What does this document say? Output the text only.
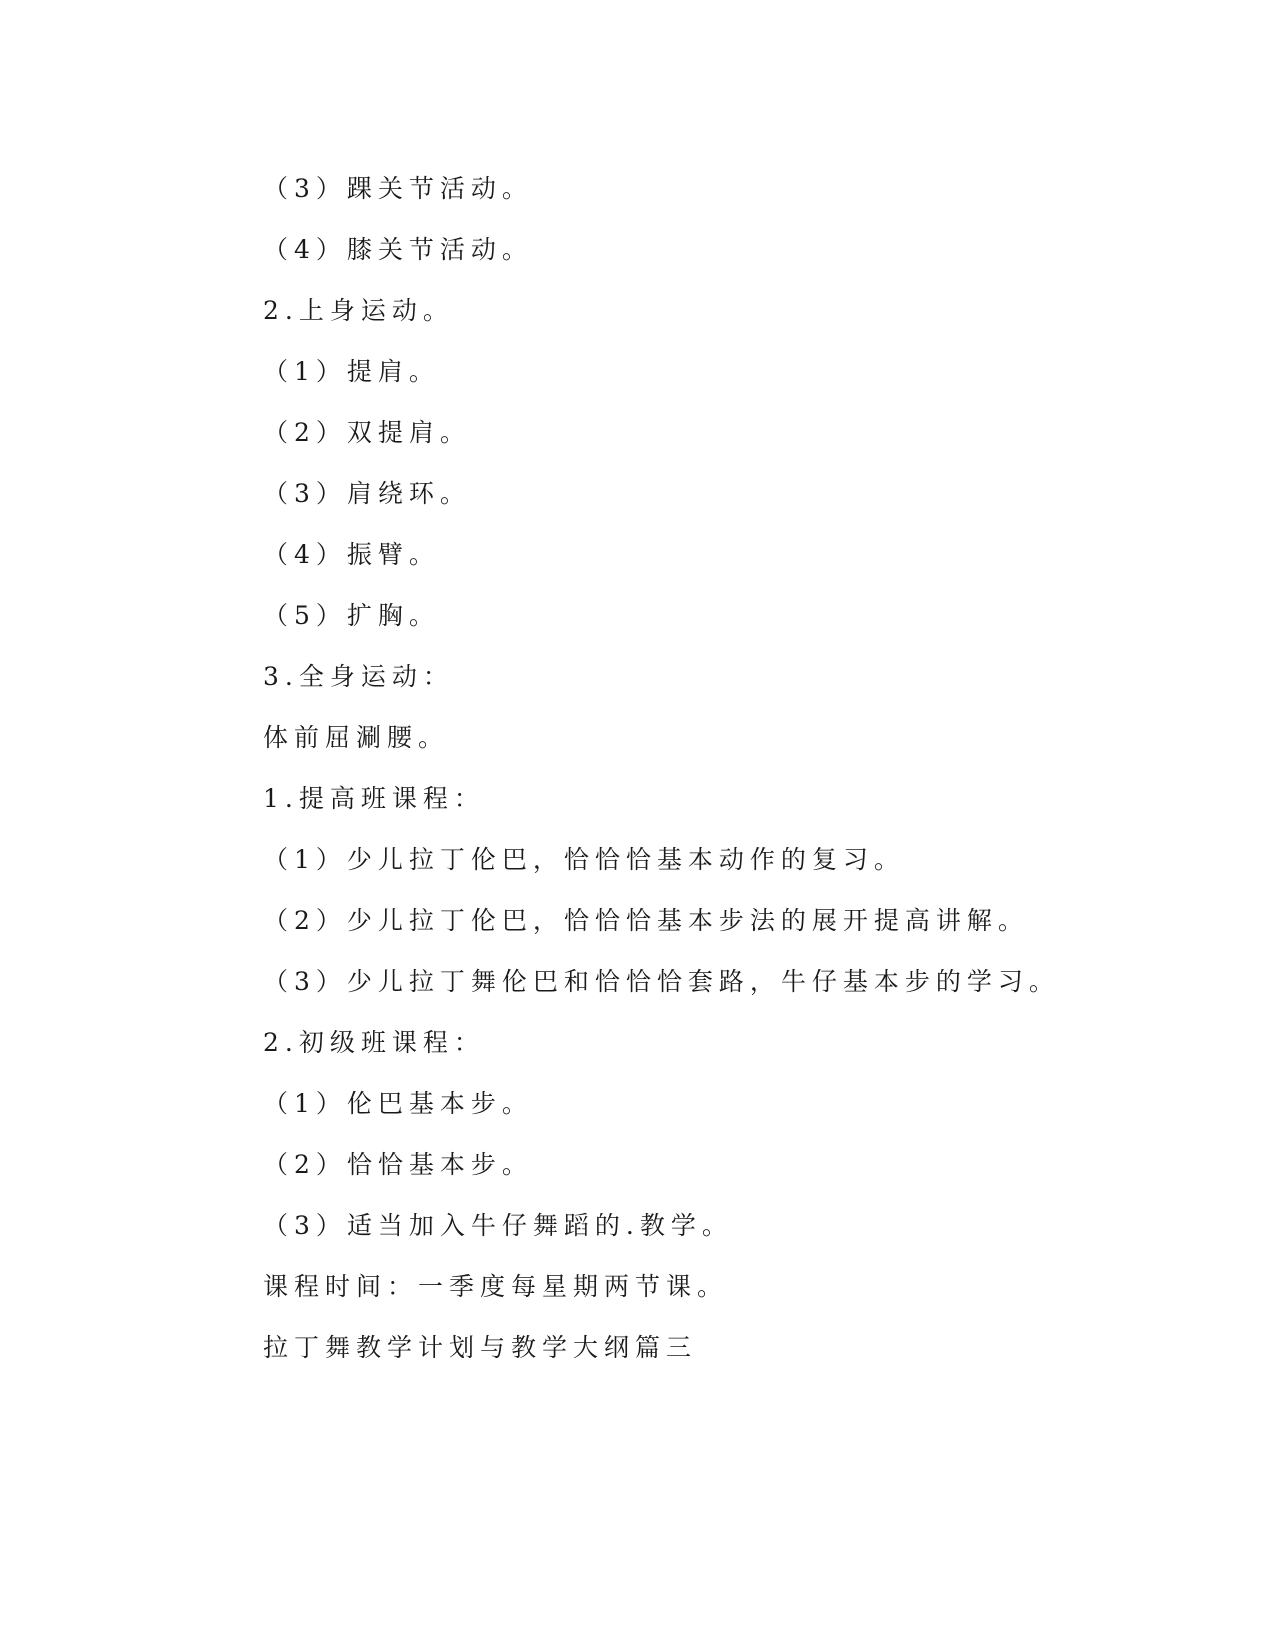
（3）踝关节活动。
（4）膝关节活动。
2.上身运动。
（1）提肩。
（2）双提肩。
（3）肩绕环。
（4）振臂。
（5）扩胸。
3.全身运动：
体前屈涮腰。
1.提高班课程：
（1）少儿拉丁伦巴，恰恰恰基本动作的复习。
（2）少儿拉丁伦巴，恰恰恰基本步法的展开提高讲解。
（3）少儿拉丁舞伦巴和恰恰恰套路，牛仔基本步的学习。
2.初级班课程：
（1）伦巴基本步。
（2）恰恰基本步。
（3）适当加入牛仔舞蹈的.教学。
课程时间：一季度每星期两节课。
拉丁舞教学计划与教学大纲篇三
